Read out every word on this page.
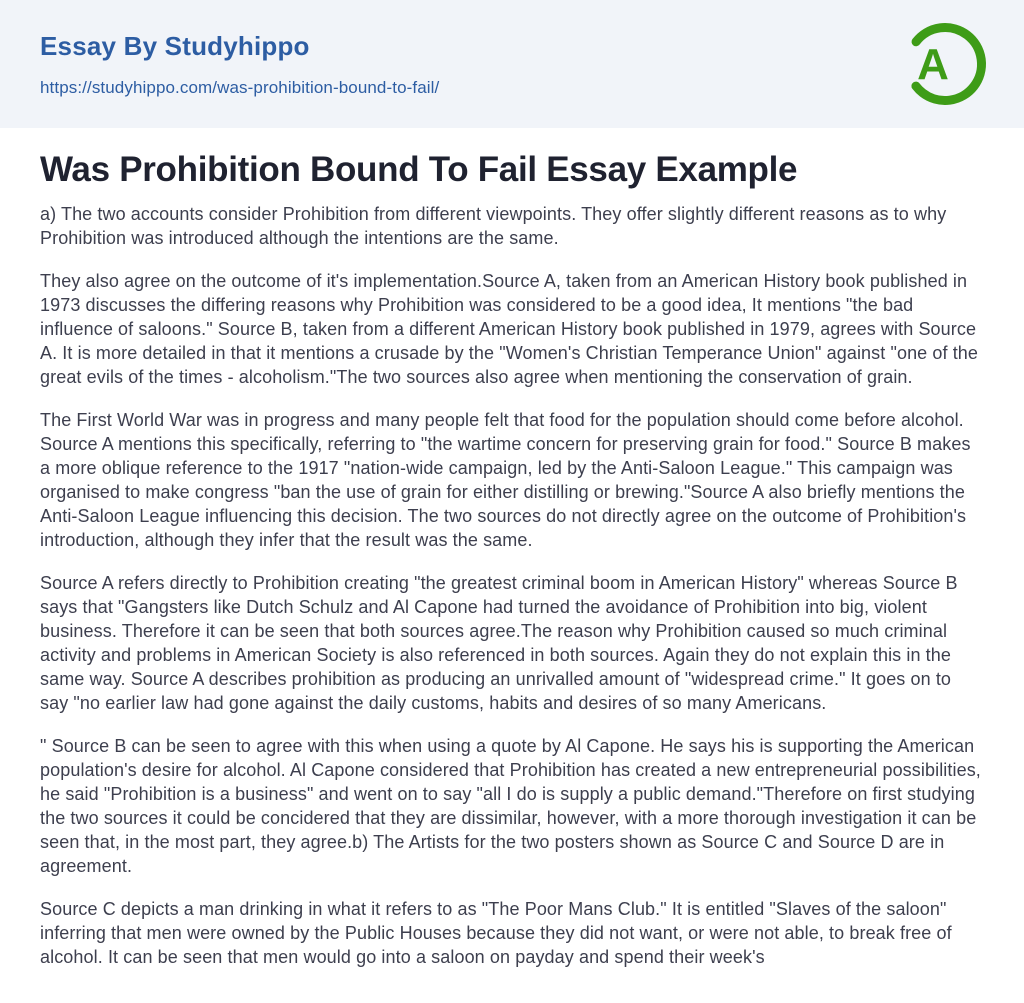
Essay By Studyhippo
https://studyhippo.com/was-prohibition-bound-to-fail/	A
Was Prohibition Bound To Fail Essay Example

a) The two accounts consider Prohibition from different viewpoints. They offer slightly different reasons as to why Prohibition was introduced although the intentions are the same.

They also agree on the outcome of it's implementation.Source A, taken from an American History book published in 1973 discusses the differing reasons why Prohibition was considered to be a good idea, It mentions "the bad influence of saloons." Source B, taken from a different American History book published in 1979, agrees with Source A. It is more detailed in that it mentions a crusade by the "Women's Christian Temperance Union" against "one of the great evils of the times - alcoholism."The two sources also agree when mentioning the conservation of grain.

The First World War was in progress and many people felt that food for the population should come before alcohol. Source A mentions this specifically, referring to "the wartime concern for preserving grain for food." Source B makes a more oblique reference to the 1917 "nation-wide campaign, led by the Anti-Saloon League." This campaign was organised to make congress "ban the use of grain for either distilling or brewing."Source A also briefly mentions the Anti-Saloon League influencing this decision. The two sources do not directly agree on the outcome of Prohibition's introduction, although they infer that the result was the same.

Source A refers directly to Prohibition creating "the greatest criminal boom in American History" whereas Source B says that "Gangsters like Dutch Schulz and Al Capone had turned the avoidance of Prohibition into big, violent business. Therefore it can be seen that both sources agree.The reason why Prohibition caused so much criminal activity and problems in American Society is also referenced in both sources. Again they do not explain this in the same way. Source A describes prohibition as producing an unrivalled amount of "widespread crime." It goes on to say "no earlier law had gone against the daily customs, habits and desires of so many Americans.

" Source B can be seen to agree with this when using a quote by Al Capone. He says his is supporting the American population's desire for alcohol. Al Capone considered that Prohibition has created a new entrepreneurial possibilities, he said "Prohibition is a business" and went on to say "all I do is supply a public demand."Therefore on first studying the two sources it could be concidered that they are dissimilar, however, with a more thorough investigation it can be seen that, in the most part, they agree.b) The Artists for the two posters shown as Source C and Source D are in agreement.

Source C depicts a man drinking in what it refers to as "The Poor Mans Club." It is entitled "Slaves of the saloon" inferring that men were owned by the Public Houses because they did not want, or were not able, to break free of alcohol. It can be seen that men would go into a saloon on payday and spend their week's
